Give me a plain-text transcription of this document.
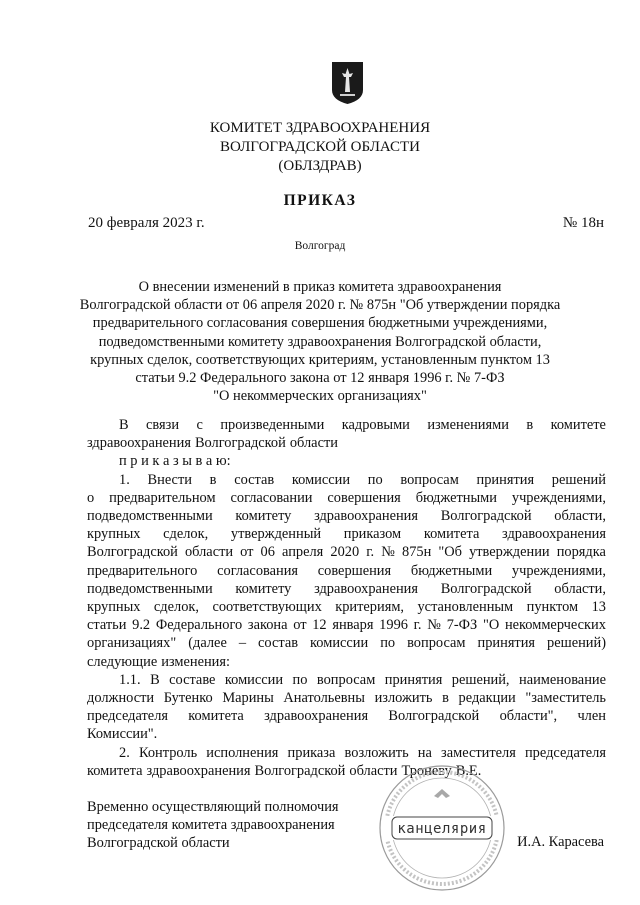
КОМИТЕТ ЗДРАВООХРАНЕНИЯ
ВОЛГОГРАДСКОЙ ОБЛАСТИ
(ОБЛЗДРАВ)
ПРИКАЗ
20 февраля 2023 г.	№ 18н
Волгоград
О внесении изменений в приказ комитета здравоохранения
Волгоградской области от 06 апреля 2020 г. № 875н "Об утверждении порядка
предварительного согласования совершения бюджетными учреждениями,
подведомственными комитету здравоохранения Волгоградской области,
крупных сделок, соответствующих критериям, установленным пунктом 13
статьи 9.2 Федерального закона от 12 января 1996 г. № 7-ФЗ
"О некоммерческих организациях"
В связи с произведенными кадровыми изменениями в комитете
здравоохранения Волгоградской области
п р и к а з ы в а ю:
1. Внести в состав комиссии по вопросам принятия решений
о предварительном согласовании совершения бюджетными учреждениями,
подведомственными комитету здравоохранения Волгоградской области,
крупных сделок, утвержденный приказом комитета здравоохранения
Волгоградской области от 06 апреля 2020 г. № 875н "Об утверждении порядка
предварительного согласования совершения бюджетными учреждениями,
подведомственными комитету здравоохранения Волгоградской области,
крупных сделок, соответствующих критериям, установленным пунктом 13
статьи 9.2 Федерального закона от 12 января 1996 г. № 7-ФЗ "О некоммерческих
организациях" (далее – состав комиссии по вопросам принятия решений)
следующие изменения:
1.1. В составе комиссии по вопросам принятия решений, наименование
должности Бутенко Марины Анатольевны изложить в редакции "заместитель
председателя комитета здравоохранения Волгоградской области", член
Комиссии".
2. Контроль исполнения приказа возложить на заместителя председателя
комитета здравоохранения Волгоградской области Троневу В.Е.
Временно осуществляющий полномочия
председателя комитета здравоохранения
Волгоградской области	И.А. Карасева
канцелярия
